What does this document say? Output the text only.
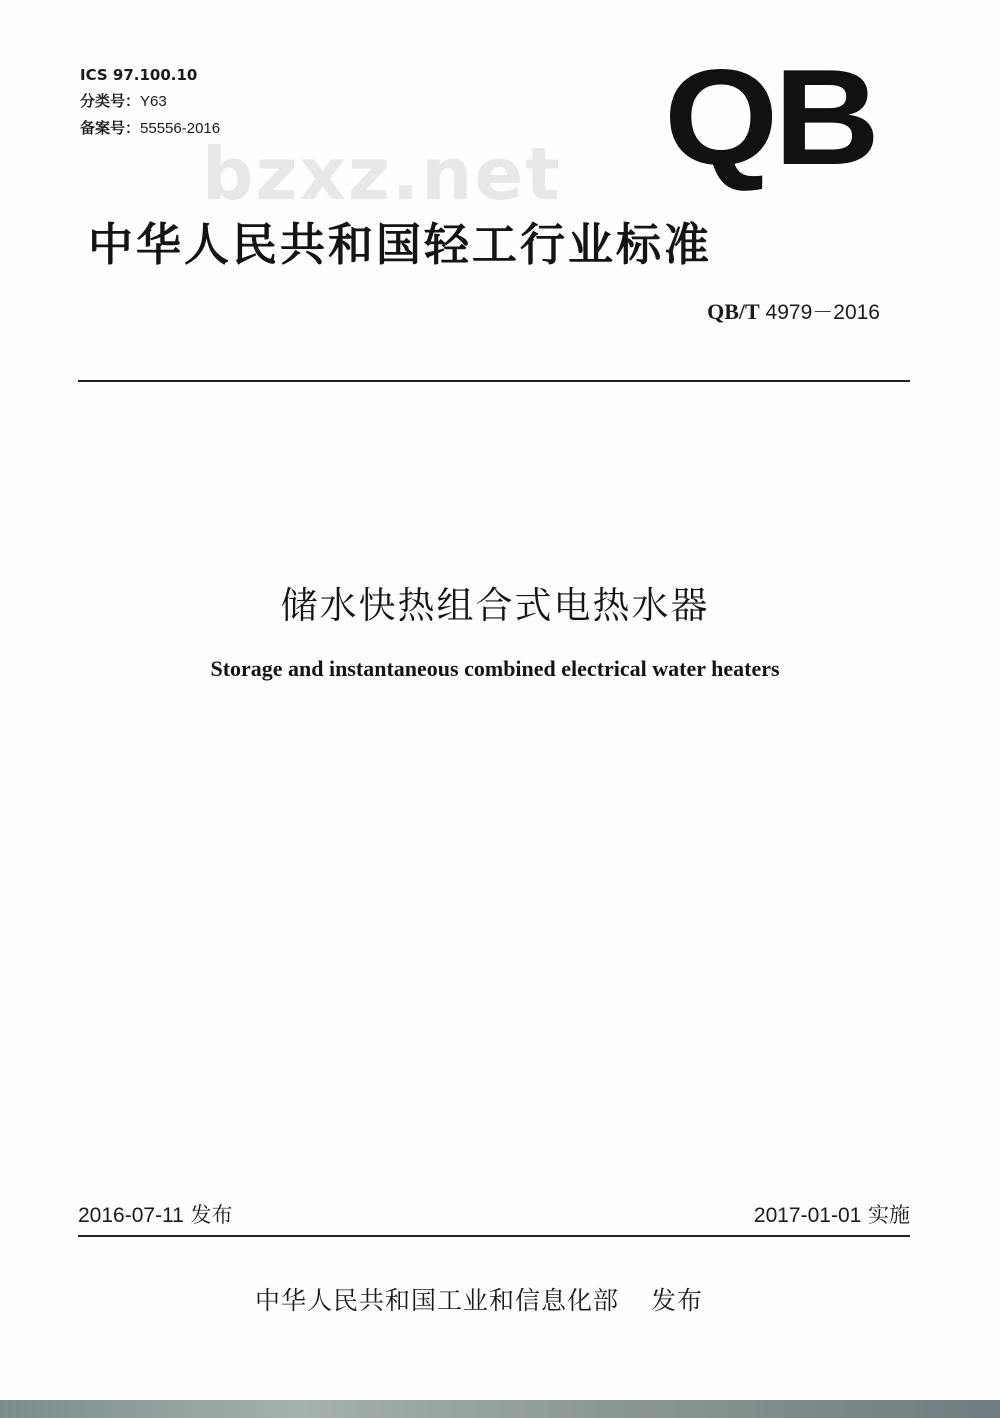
ICS 97.100.10
分类号：Y63
备案号：55556-2016	QB
bzxz.net
中华人民共和国轻工行业标准
QB/T 4979－2016
储水快热组合式电热水器
Storage and instantaneous combined electrical water heaters
2016-07-11 发布	2017-01-01 实施
中华人民共和国工业和信息化部 发布
